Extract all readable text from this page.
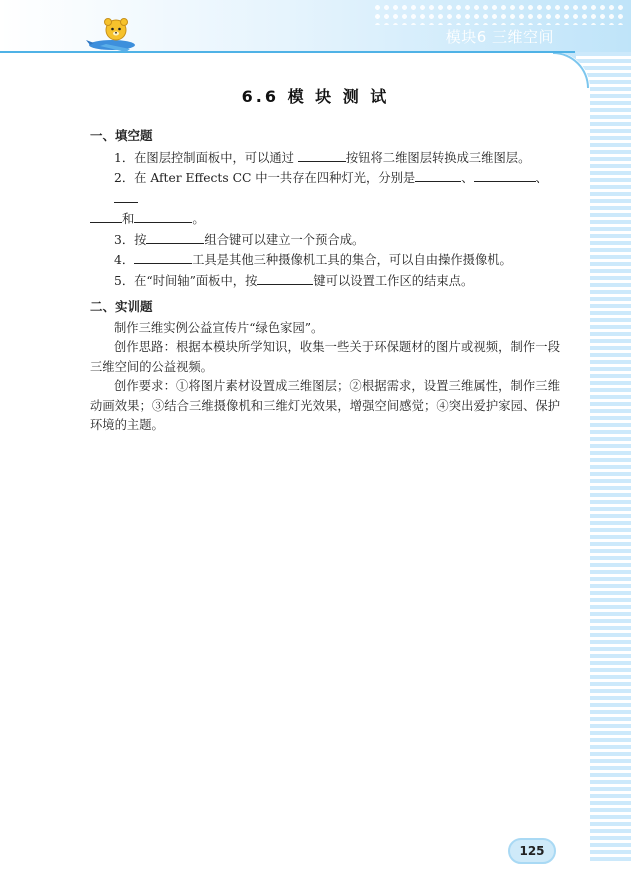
模块6 三维空间
6.6 模 块 测 试
一、填空题

1．在图层控制面板中，可以通过	按钮将二维图层转换成三维图层。

2．在 After Effects CC 中一共存在四种灯光，分别是	、	、

和	。

3．按	组合键可以建立一个预合成。

4．	工具是其他三种摄像机工具的集合，可以自由操作摄像机。

5．在“时间轴”面板中，按	键可以设置工作区的结束点。

二、实训题

制作三维实例公益宣传片“绿色家园”。

创作思路：根据本模块所学知识，收集一些关于环保题材的图片或视频，制作一段三维空间的公益视频。

创作要求：①将图片素材设置成三维图层；②根据需求，设置三维属性，制作三维动画效果；③结合三维摄像机和三维灯光效果，增强空间感觉；④突出爱护家园、保护环境的主题。

125
